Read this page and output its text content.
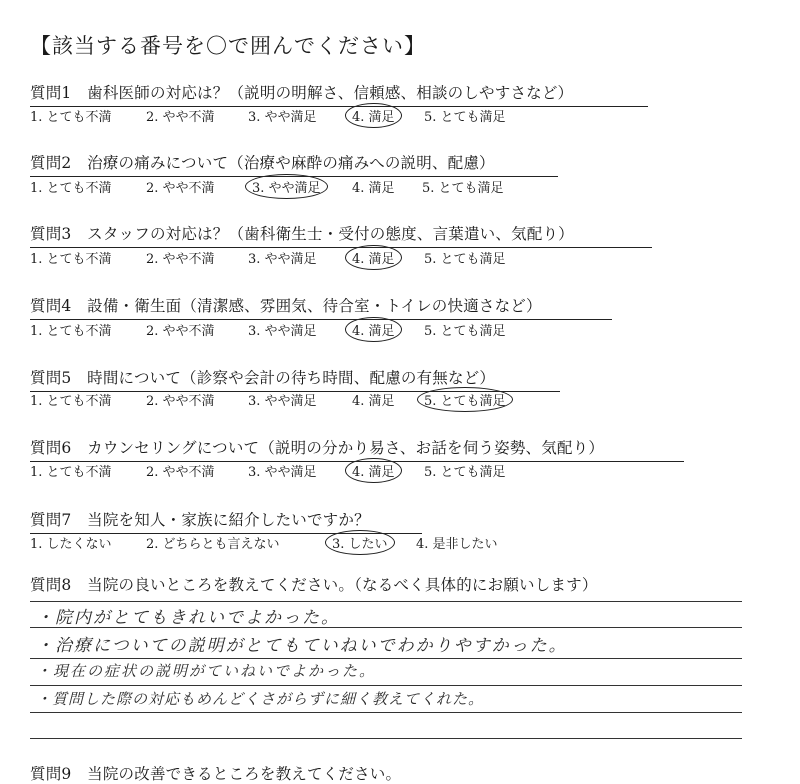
【該当する番号を〇で囲んでください】
質問1　歯科医師の対応は？（説明の明解さ、信頼感、相談のしやすさなど）
1. とても不満	2. やや不満	3. やや満足	4. 満足 5. とても満足
質問2　治療の痛みについて（治療や麻酔の痛みへの説明、配慮）
1. とても不満	2. やや不満	3. やや満足 4. 満足 5. とても満足
質問3　スタッフの対応は？（歯科衛生士・受付の態度、言葉遣い、気配り）
1. とても不満	2. やや不満	3. やや満足	4. 満足 5. とても満足
質問4　設備・衛生面（清潔感、雰囲気、待合室・トイレの快適さなど）
1. とても不満	2. やや不満	3. やや満足	4. 満足 5. とても満足
質問5　時間について（診察や会計の待ち時間、配慮の有無など）
1. とても不満	2. やや不満	3. やや満足	4. 満足 5. とても満足
質問6　カウンセリングについて（説明の分かり易さ、お話を伺う姿勢、気配り）
1. とても不満	2. やや不満	3. やや満足	4. 満足 5. とても満足
質問7　当院を知人・家族に紹介したいですか？
1. したくない	2. どちらとも言えない	3. したい 4. 是非したい
質問8　当院の良いところを教えてください。（なるべく具体的にお願いします）
・院内がとてもきれいでよかった。
・治療についての説明がとてもていねいでわかりやすかった。
・現在の症状の説明がていねいでよかった。
・質問した際の対応もめんどくさがらずに細く教えてくれた。
質問9　当院の改善できるところを教えてください。
